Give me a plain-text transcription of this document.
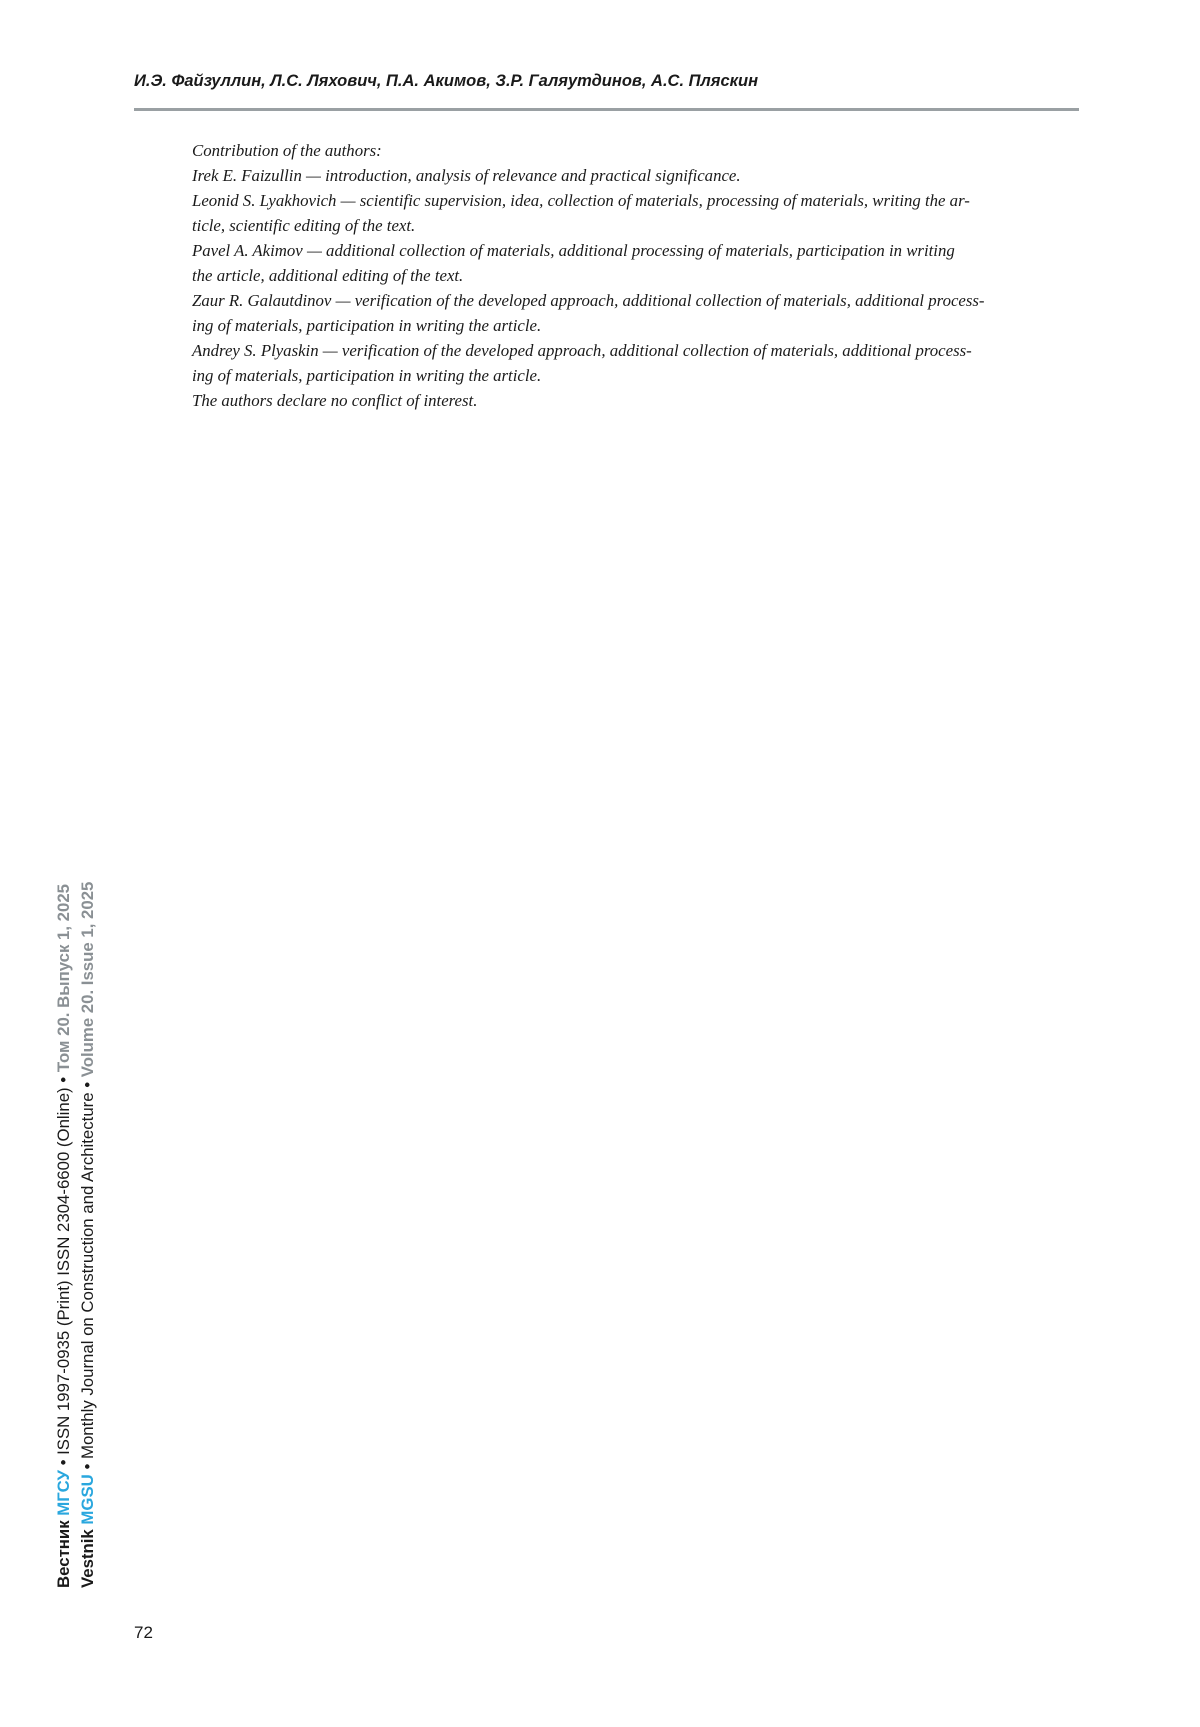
И.Э. Файзуллин, Л.С. Ляхович, П.А. Акимов, З.Р. Галяутдинов, А.С. Пляскин
Contribution of the authors:
Irek E. Faizullin — introduction, analysis of relevance and practical significance.
Leonid S. Lyakhovich — scientific supervision, idea, collection of materials, processing of materials, writing the ar-
ticle, scientific editing of the text.
Pavel A. Akimov — additional collection of materials, additional processing of materials, participation in writing
the article, additional editing of the text.
Zaur R. Galautdinov — verification of the developed approach, additional collection of materials, additional process-
ing of materials, participation in writing the article.
Andrey S. Plyaskin — verification of the developed approach, additional collection of materials, additional process-
ing of materials, participation in writing the article.
The authors declare no conflict of interest.
Вестник МГСУ • ISSN 1997-0935 (Print) ISSN 2304-6600 (Online) • Том 20. Выпуск 1, 2025
Vestnik MGSU • Monthly Journal on Construction and Architecture • Volume 20. Issue 1, 2025
72
